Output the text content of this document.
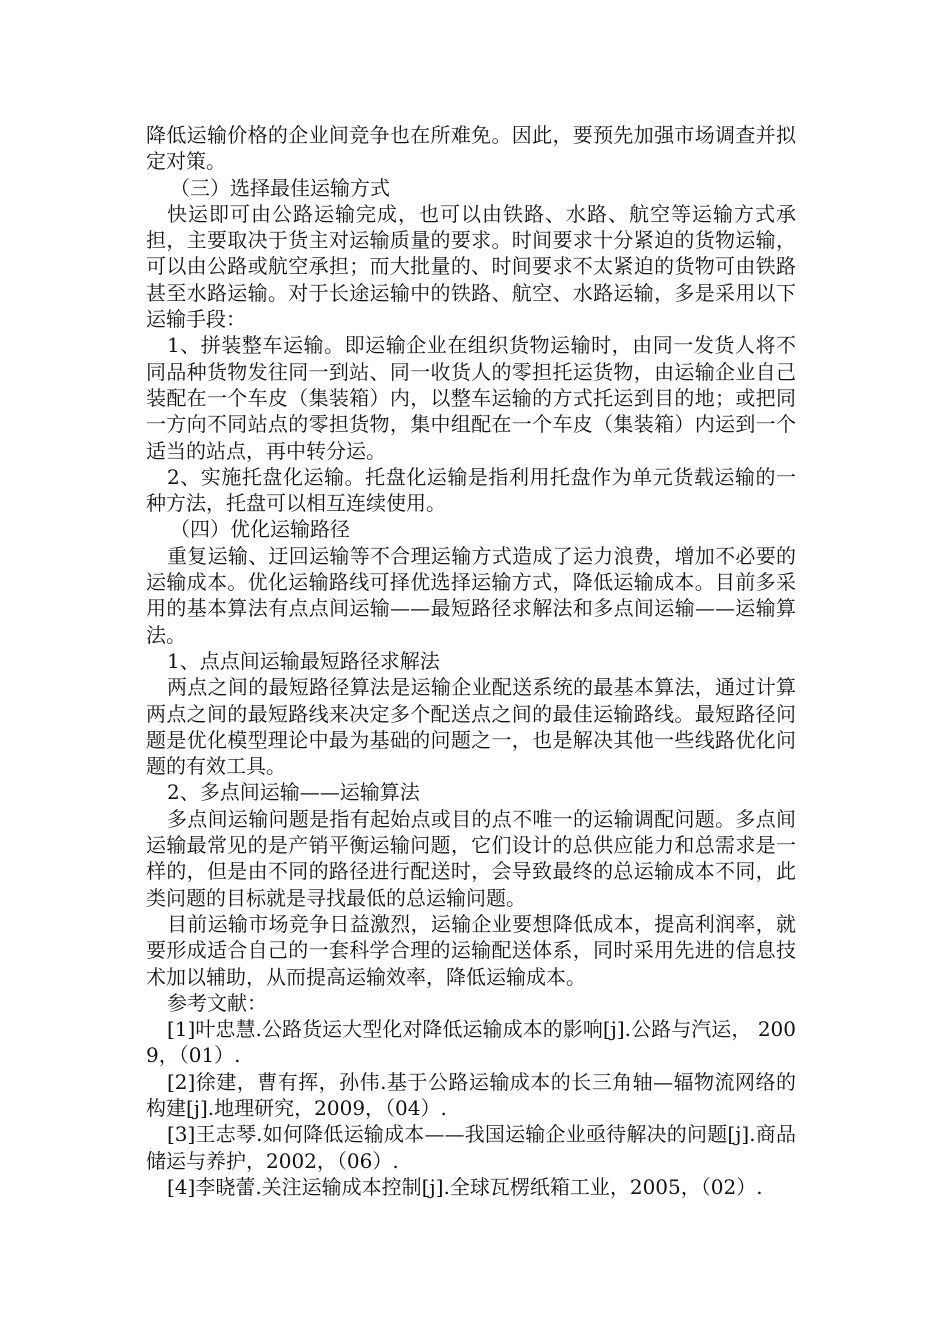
降低运输价格的企业间竞争也在所难免。因此，要预先加强市场调查并拟定对策。

（三）选择最佳运输方式

快运即可由公路运输完成，也可以由铁路、水路、航空等运输方式承担，主要取决于货主对运输质量的要求。时间要求十分紧迫的货物运输，可以由公路或航空承担；而大批量的、时间要求不太紧迫的货物可由铁路甚至水路运输。对于长途运输中的铁路、航空、水路运输，多是采用以下运输手段：

1、拼装整车运输。即运输企业在组织货物运输时，由同一发货人将不同品种货物发往同一到站、同一收货人的零担托运货物，由运输企业自己装配在一个车皮（集装箱）内，以整车运输的方式托运到目的地；或把同一方向不同站点的零担货物，集中组配在一个车皮（集装箱）内运到一个适当的站点，再中转分运。

2、实施托盘化运输。托盘化运输是指利用托盘作为单元货载运输的一种方法，托盘可以相互连续使用。

（四）优化运输路径

重复运输、迂回运输等不合理运输方式造成了运力浪费，增加不必要的运输成本。优化运输路线可择优选择运输方式，降低运输成本。目前多采用的基本算法有点点间运输——最短路径求解法和多点间运输——运输算法。

1、点点间运输最短路径求解法

两点之间的最短路径算法是运输企业配送系统的最基本算法，通过计算两点之间的最短路线来决定多个配送点之间的最佳运输路线。最短路径问题是优化模型理论中最为基础的问题之一，也是解决其他一些线路优化问题的有效工具。

2、多点间运输——运输算法

多点间运输问题是指有起始点或目的点不唯一的运输调配问题。多点间运输最常见的是产销平衡运输问题，它们设计的总供应能力和总需求是一样的，但是由不同的路径进行配送时，会导致最终的总运输成本不同，此类问题的目标就是寻找最低的总运输问题。

目前运输市场竞争日益激烈，运输企业要想降低成本，提高利润率，就要形成适合自己的一套科学合理的运输配送体系，同时采用先进的信息技术加以辅助，从而提高运输效率，降低运输成本。

参考文献：

[1]叶忠慧.公路货运大型化对降低运输成本的影响[j].公路与汽运， 2009，（01）.

[2]徐建，曹有挥，孙伟.基于公路运输成本的长三角轴—辐物流网络的构建[j].地理研究，2009，（04）.

[3]王志琴.如何降低运输成本——我国运输企业亟待解决的问题[j].商品储运与养护，2002，（06）.

[4]李晓蕾.关注运输成本控制[j].全球瓦楞纸箱工业，2005，（02）.
